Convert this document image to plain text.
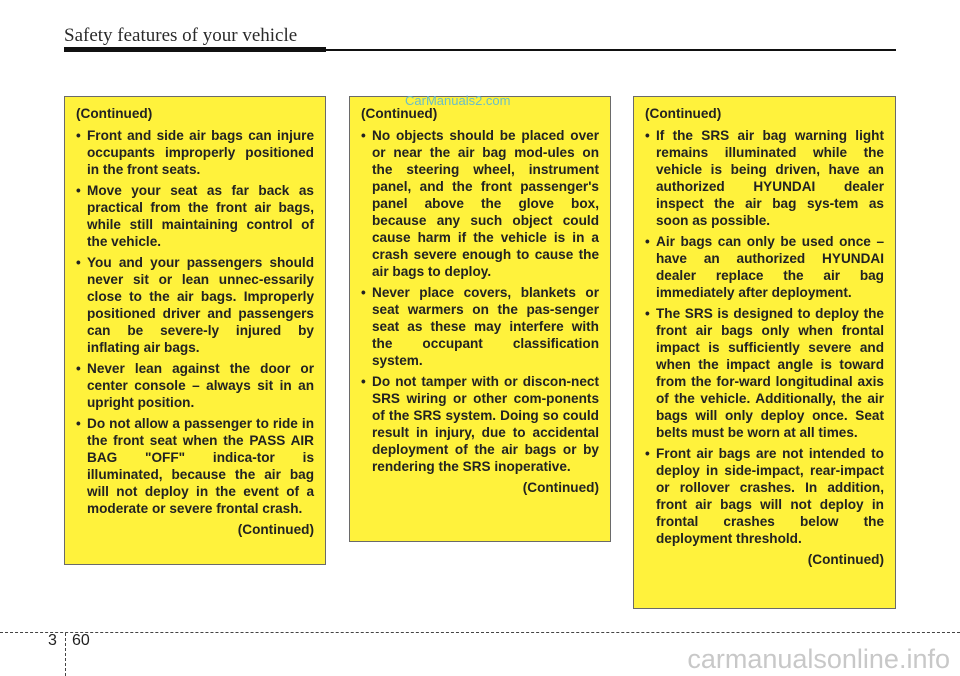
Safety features of your vehicle
(Continued)
• Front and side air bags can injure occupants improperly positioned in the front seats.
• Move your seat as far back as practical from the front air bags, while still maintaining control of the vehicle.
• You and your passengers should never sit or lean unnec-essarily close to the air bags. Improperly positioned driver and passengers can be severe-ly injured by inflating air bags.
• Never lean against the door or center console – always sit in an upright position.
• Do not allow a passenger to ride in the front seat when the PASS AIR BAG "OFF" indica-tor is illuminated, because the air bag will not deploy in the event of a moderate or severe frontal crash.
(Continued)
(Continued)
• No objects should be placed over or near the air bag mod-ules on the steering wheel, instrument panel, and the front passenger's panel above the glove box, because any such object could cause harm if the vehicle is in a crash severe enough to cause the air bags to deploy.
• Never place covers, blankets or seat warmers on the pas-senger seat as these may interfere with the occupant classification system.
• Do not tamper with or discon-nect SRS wiring or other com-ponents of the SRS system. Doing so could result in injury, due to accidental deployment of the air bags or by rendering the SRS inoperative.
(Continued)
CarManuals2.com
(Continued)
• If the SRS air bag warning light remains illuminated while the vehicle is being driven, have an authorized HYUNDAI dealer inspect the air bag sys-tem as soon as possible.
• Air bags can only be used once – have an authorized HYUNDAI dealer replace the air bag immediately after deployment.
• The SRS is designed to deploy the front air bags only when frontal impact is sufficiently severe and when the impact angle is toward from the for-ward longitudinal axis of the vehicle. Additionally, the air bags will only deploy once. Seat belts must be worn at all times.
• Front air bags are not intended to deploy in side-impact, rear-impact or rollover crashes. In addition, front air bags will not deploy in frontal crashes below the deployment threshold.
(Continued)
3 60
carmanualsonline.info
